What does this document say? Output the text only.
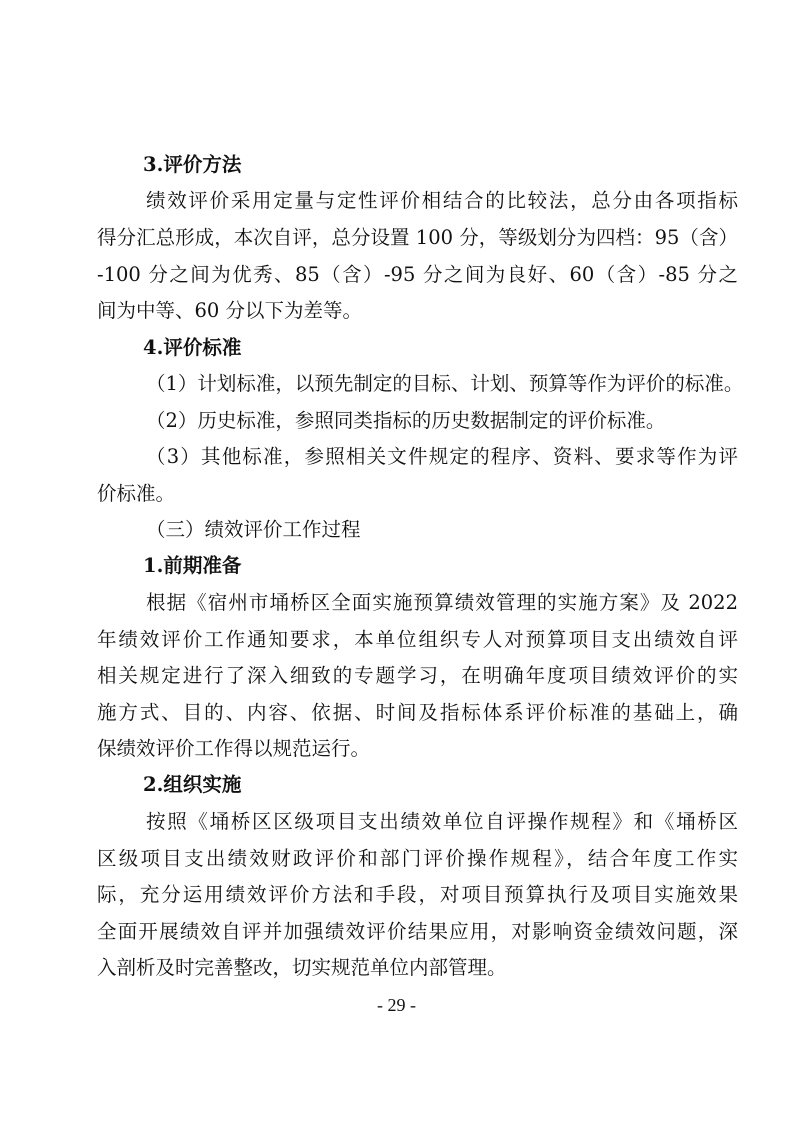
3.评价方法
绩效评价采用定量与定性评价相结合的比较法，总分由各项指标
得分汇总形成，本次自评，总分设置 100 分，等级划分为四档：95（含）
-100 分之间为优秀、85（含）-95 分之间为良好、60（含）-85 分之
间为中等、60 分以下为差等。
4.评价标准
（1）计划标准，以预先制定的目标、计划、预算等作为评价的标准。
（2）历史标准，参照同类指标的历史数据制定的评价标准。
（3）其他标准，参照相关文件规定的程序、资料、要求等作为评
价标准。
（三）绩效评价工作过程
1.前期准备
根据《宿州市埇桥区全面实施预算绩效管理的实施方案》及 2022
年绩效评价工作通知要求，本单位组织专人对预算项目支出绩效自评
相关规定进行了深入细致的专题学习，在明确年度项目绩效评价的实
施方式、目的、内容、依据、时间及指标体系评价标准的基础上，确
保绩效评价工作得以规范运行。
2.组织实施
按照《埇桥区区级项目支出绩效单位自评操作规程》和《埇桥区
区级项目支出绩效财政评价和部门评价操作规程》，结合年度工作实
际，充分运用绩效评价方法和手段，对项目预算执行及项目实施效果
全面开展绩效自评并加强绩效评价结果应用，对影响资金绩效问题，深
入剖析及时完善整改，切实规范单位内部管理。
- 29 -
